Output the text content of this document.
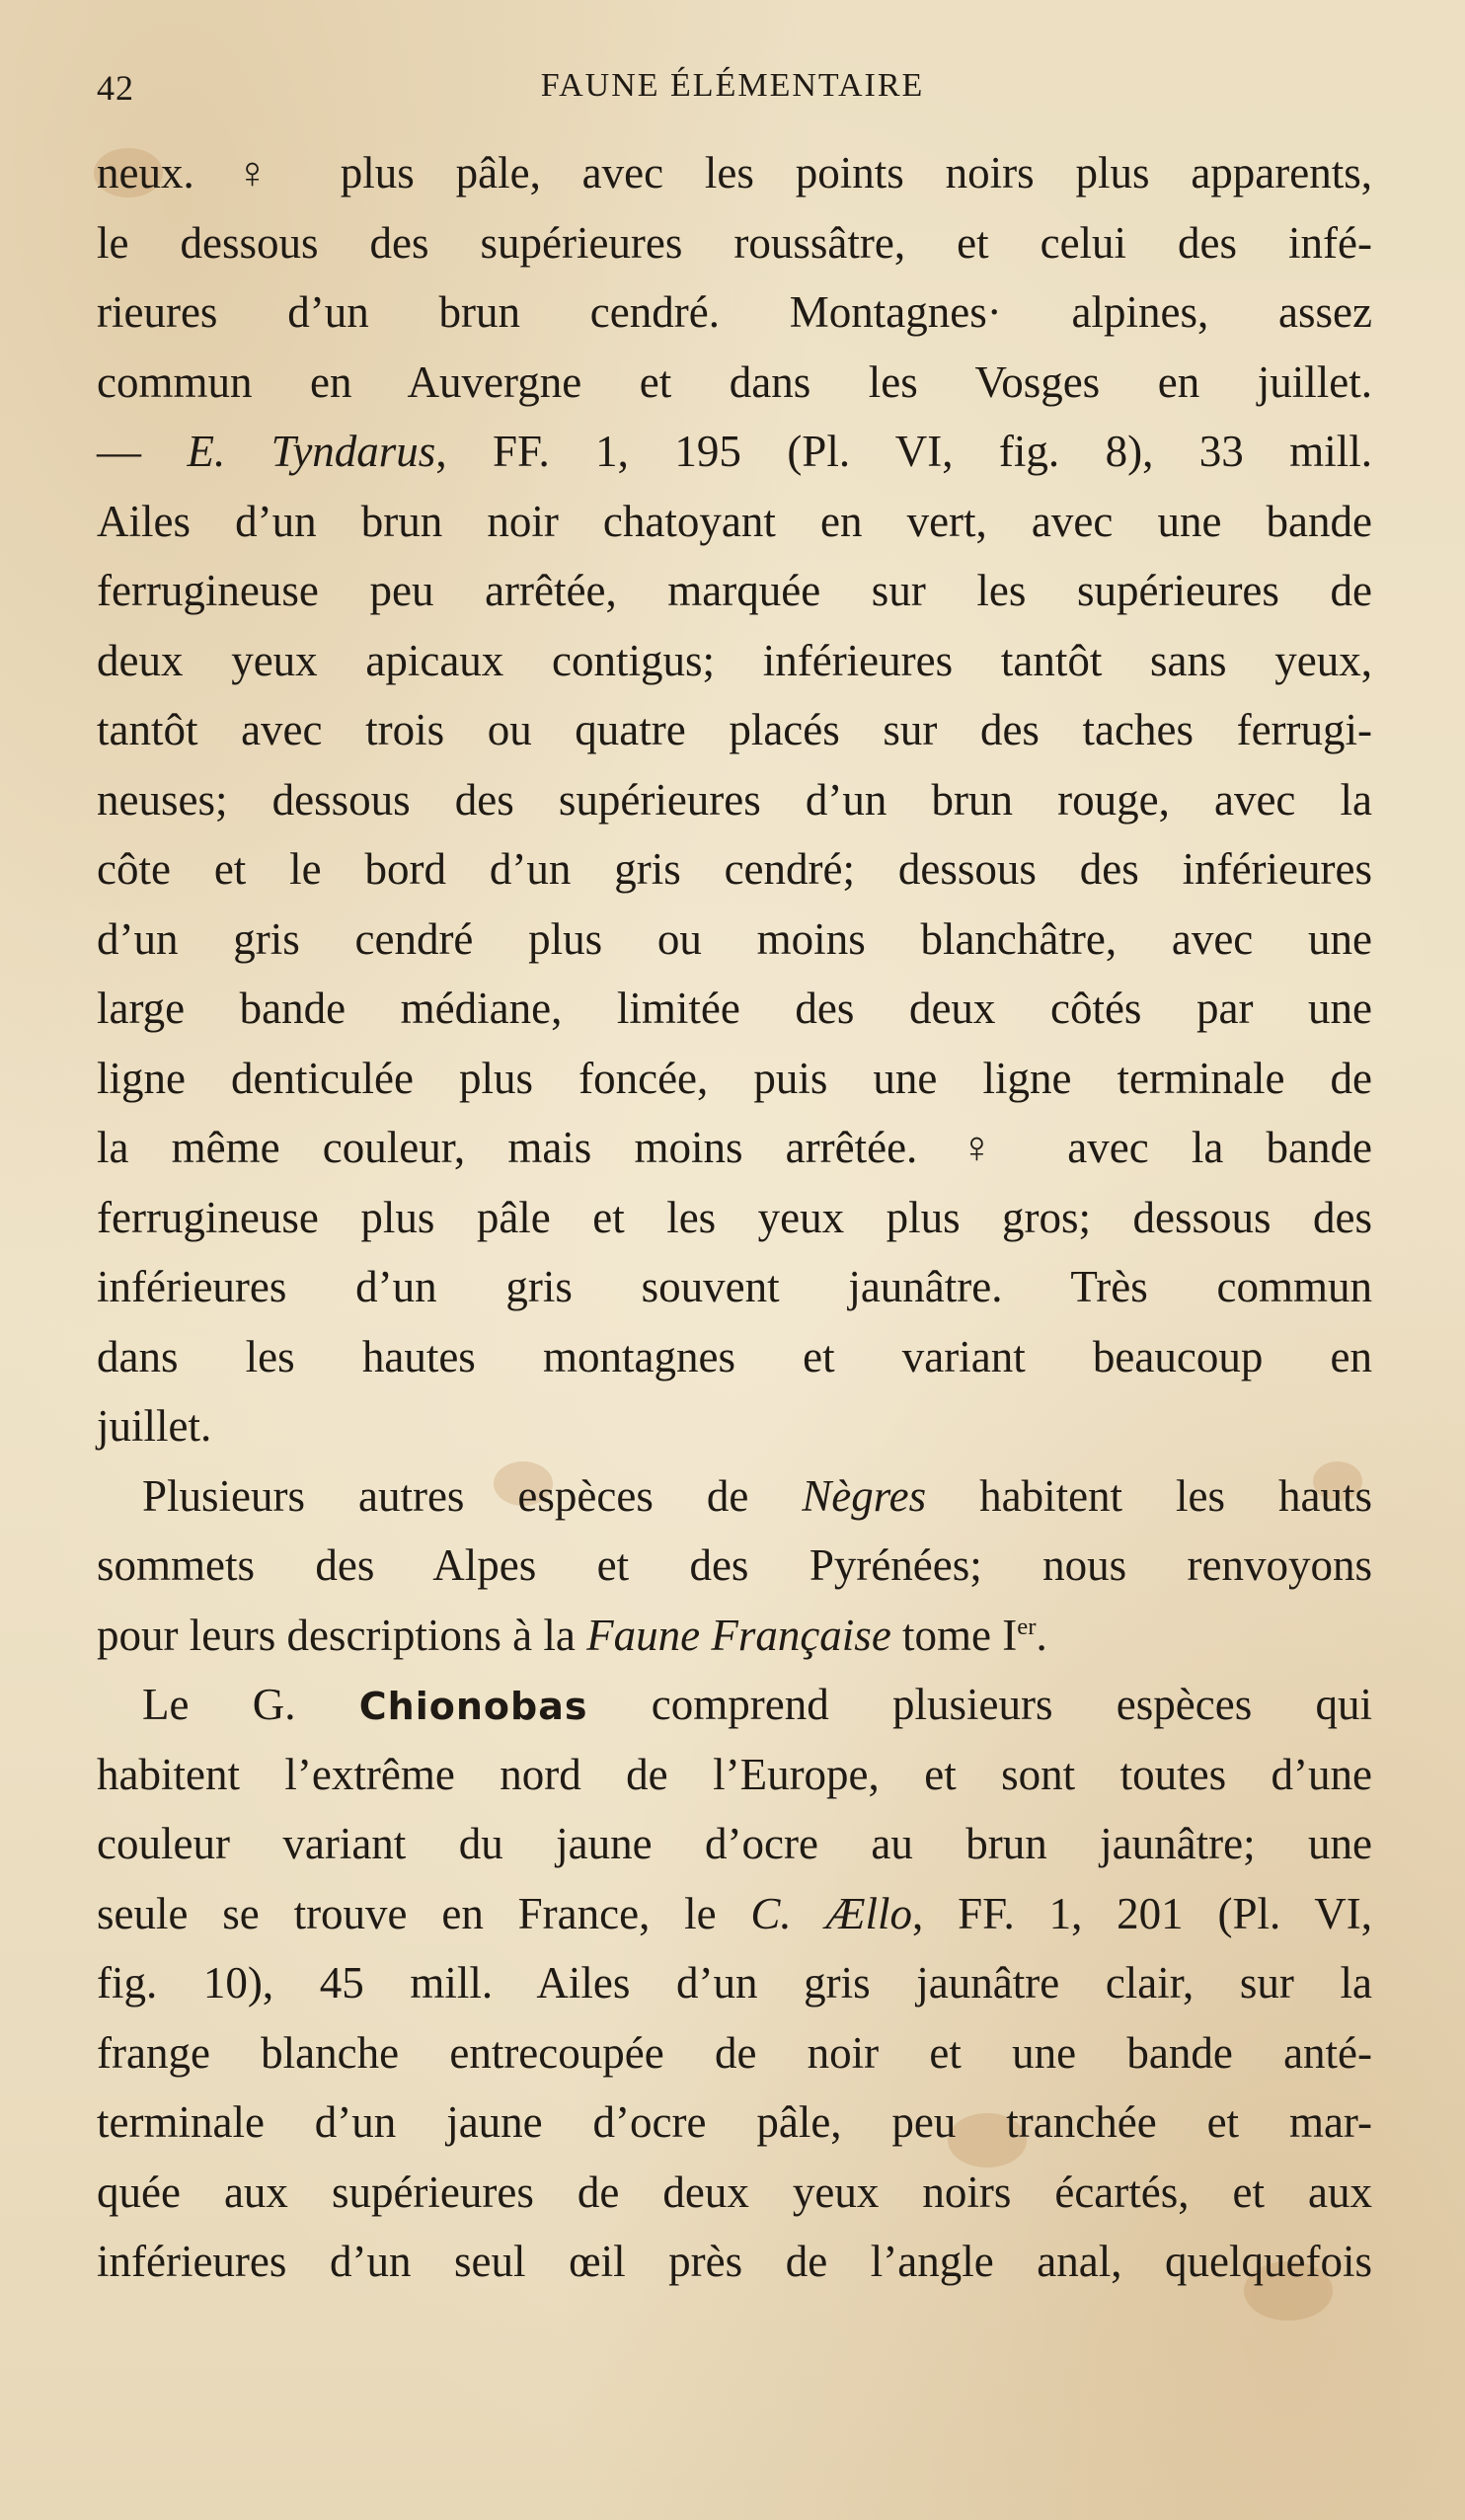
42	FAUNE ÉLÉMENTAIRE
neux. ♀ plus pâle, avec les points noirs plus apparents,
le dessous des supérieures roussâtre, et celui des infé-
rieures d’un brun cendré. Montagnes· alpines, assez
commun en Auvergne et dans les Vosges en juillet.
— E. Tyndarus, FF. 1, 195 (Pl. VI, fig. 8), 33 mill.
Ailes d’un brun noir chatoyant en vert, avec une bande
ferrugineuse peu arrêtée, marquée sur les supérieures de
deux yeux apicaux contigus; inférieures tantôt sans yeux,
tantôt avec trois ou quatre placés sur des taches ferrugi-
neuses; dessous des supérieures d’un brun rouge, avec la
côte et le bord d’un gris cendré; dessous des inférieures
d’un gris cendré plus ou moins blanchâtre, avec une
large bande médiane, limitée des deux côtés par une
ligne denticulée plus foncée, puis une ligne terminale de
la même couleur, mais moins arrêtée. ♀ avec la bande
ferrugineuse plus pâle et les yeux plus gros; dessous des
inférieures d’un gris souvent jaunâtre. Très commun
dans les hautes montagnes et variant beaucoup en
juillet.
Plusieurs autres espèces de Nègres habitent les hauts
sommets des Alpes et des Pyrénées; nous renvoyons
pour leurs descriptions à la Faune Française tome Ier.
Le G. Chionobas comprend plusieurs espèces qui
habitent l’extrême nord de l’Europe, et sont toutes d’une
couleur variant du jaune d’ocre au brun jaunâtre; une
seule se trouve en France, le C. Ællo, FF. 1, 201 (Pl. VI,
fig. 10), 45 mill. Ailes d’un gris jaunâtre clair, sur la
frange blanche entrecoupée de noir et une bande anté-
terminale d’un jaune d’ocre pâle, peu tranchée et mar-
quée aux supérieures de deux yeux noirs écartés, et aux
inférieures d’un seul œil près de l’angle anal, quelquefois
